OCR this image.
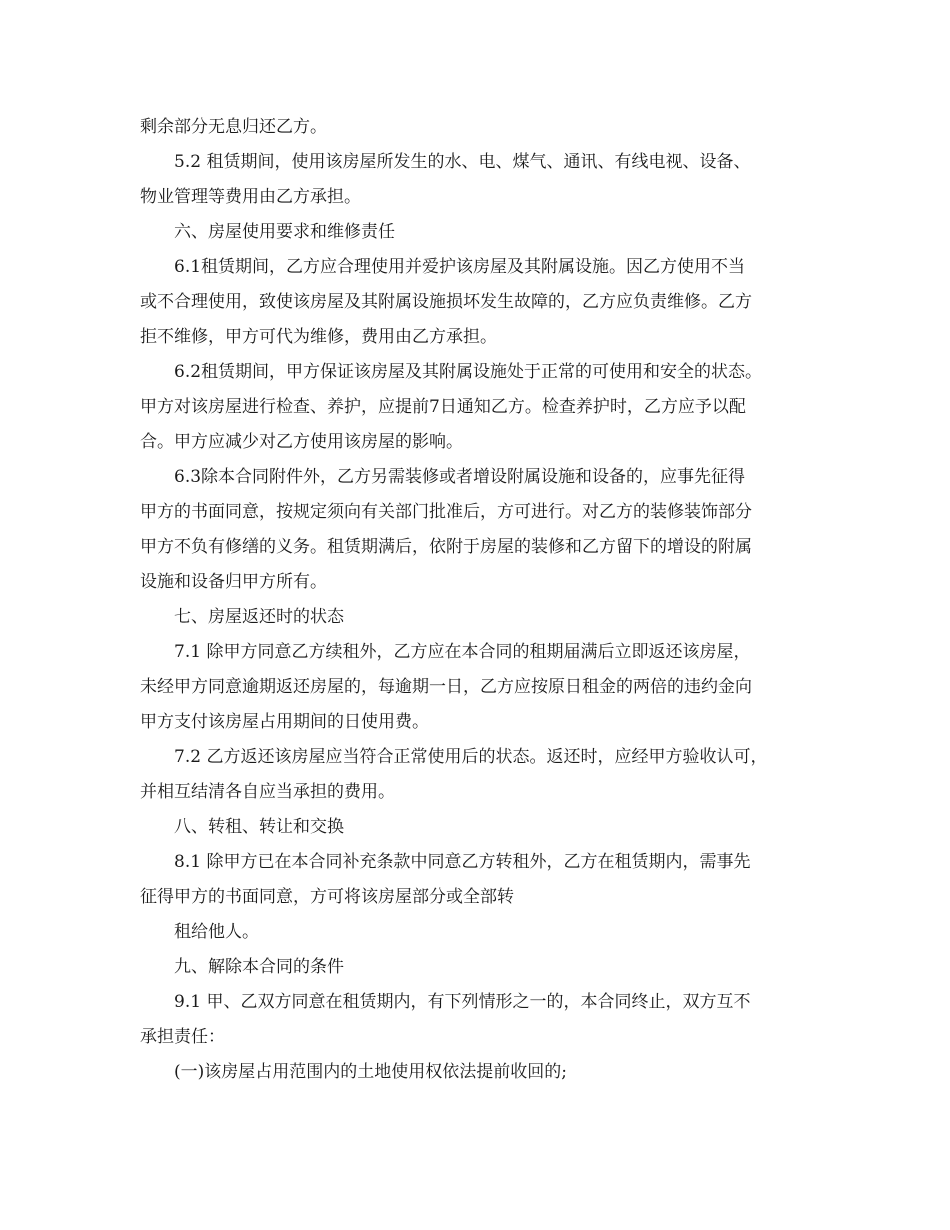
剩余部分无息归还乙方。
5.2 租赁期间，使用该房屋所发生的水、电、煤气、通讯、有线电视、设备、
物业管理等费用由乙方承担。
六、房屋使用要求和维修责任
6.1租赁期间，乙方应合理使用并爱护该房屋及其附属设施。因乙方使用不当
或不合理使用，致使该房屋及其附属设施损坏发生故障的，乙方应负责维修。乙方
拒不维修，甲方可代为维修，费用由乙方承担。
6.2租赁期间，甲方保证该房屋及其附属设施处于正常的可使用和安全的状态。
甲方对该房屋进行检查、养护，应提前7日通知乙方。检查养护时，乙方应予以配
合。甲方应减少对乙方使用该房屋的影响。
6.3除本合同附件外，乙方另需装修或者增设附属设施和设备的，应事先征得
甲方的书面同意，按规定须向有关部门批准后，方可进行。对乙方的装修装饰部分
甲方不负有修缮的义务。租赁期满后，依附于房屋的装修和乙方留下的增设的附属
设施和设备归甲方所有。
七、房屋返还时的状态
7.1 除甲方同意乙方续租外，乙方应在本合同的租期届满后立即返还该房屋，
未经甲方同意逾期返还房屋的，每逾期一日，乙方应按原日租金的两倍的违约金向
甲方支付该房屋占用期间的日使用费。
7.2 乙方返还该房屋应当符合正常使用后的状态。返还时，应经甲方验收认可，
并相互结清各自应当承担的费用。
八、转租、转让和交换
8.1 除甲方已在本合同补充条款中同意乙方转租外，乙方在租赁期内，需事先
征得甲方的书面同意，方可将该房屋部分或全部转
租给他人。
九、解除本合同的条件
9.1 甲、乙双方同意在租赁期内，有下列情形之一的，本合同终止，双方互不
承担责任：
(一)该房屋占用范围内的土地使用权依法提前收回的;
